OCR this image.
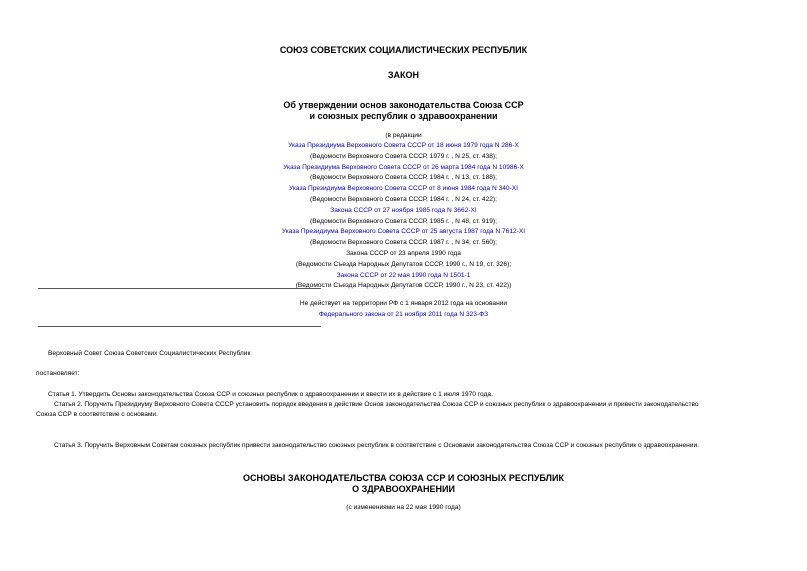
СОЮЗ СОВЕТСКИХ СОЦИАЛИСТИЧЕСКИХ РЕСПУБЛИК
ЗАКОН
Об утверждении основ законодательства Союза ССР
и союзных республик о здравоохранении
(в редакции
Указа Президиума Верховного Совета СССР от 18 июня 1979 года N 286-X
(Ведомости Верховного Совета СССР, 1979 г. , N 25, ст. 438);
Указа Президиума Верховного Совета СССР от 26 марта 1984 года N 10986-X
(Ведомости Верховного Совета СССР, 1984 г. , N 13, ст. 188);
Указа Президиума Верховного Совета СССР от 8 июня 1984 года N 340-XI
(Ведомости Верховного Совета СССР, 1984 г. , N 24, ст. 422);
Закона СССР от 27 ноября 1985 года N 3662-XI
(Ведомости Верховного Совета СССР, 1985 г. , N 48, ст. 919);
Указа Президиума Верховного Совета СССР от 25 августа 1987 года N 7612-XI
(Ведомости Верховного Совета СССР, 1987 г. , N 34, ст. 560);
Закона СССР от 23 апреля 1990 года
(Ведомости Съезда Народных Депутатов СССР, 1990 г., N 19, ст. 326);
Закона СССР от 22 мая 1990 года N 1501-1
(Ведомости Съезда Народных Депутатов СССР, 1990 г., N 23, ст. 422))
Не действует на территории РФ с 1 января 2012 года на основании
Федерального закона от 21 ноября 2011 года N 323-ФЗ
Верховный Совет Союза Советских Социалистических Республик
постановляет:
Статья 1. Утвердить Основы законодательства Союза ССР и союзных республик о здравоохранении и ввести их в действие с 1 июля 1970 года.
Статья 2. Поручить Президиуму Верховного Совета СССР установить порядок введения в действие Основ законодательства Союза ССР и союзных республик о здравоохранении и привести законодательство
Союза ССР в соответствие с основами.
Статья 3. Поручить Верховным Советам союзных республик привести законодательство союзных республик в соответствие с Основами законодательства Союза ССР и союзных республик о здравоохранении.
ОСНОВЫ ЗАКОНОДАТЕЛЬСТВА СОЮЗА ССР И СОЮЗНЫХ РЕСПУБЛИК
О ЗДРАВООХРАНЕНИИ
(с изменениями на 22 мая 1990 года)
